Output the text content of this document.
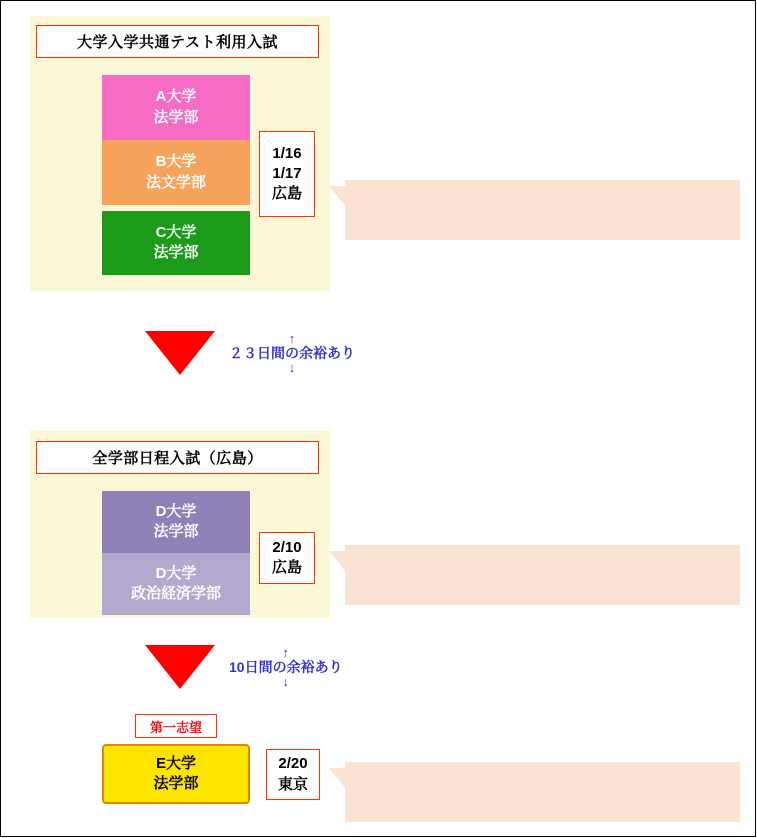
大学入学共通テスト利用入試
A大学
法学部
B大学
法文学部
C大学
法学部
1/16
1/17
広島
↑
２３日間の余裕あり
↓
全学部日程入試（広島）
D大学
法学部
D大学
政治経済学部
2/10
広島
↑
10日間の余裕あり
↓
第一志望
E大学
法学部
2/20
東京
